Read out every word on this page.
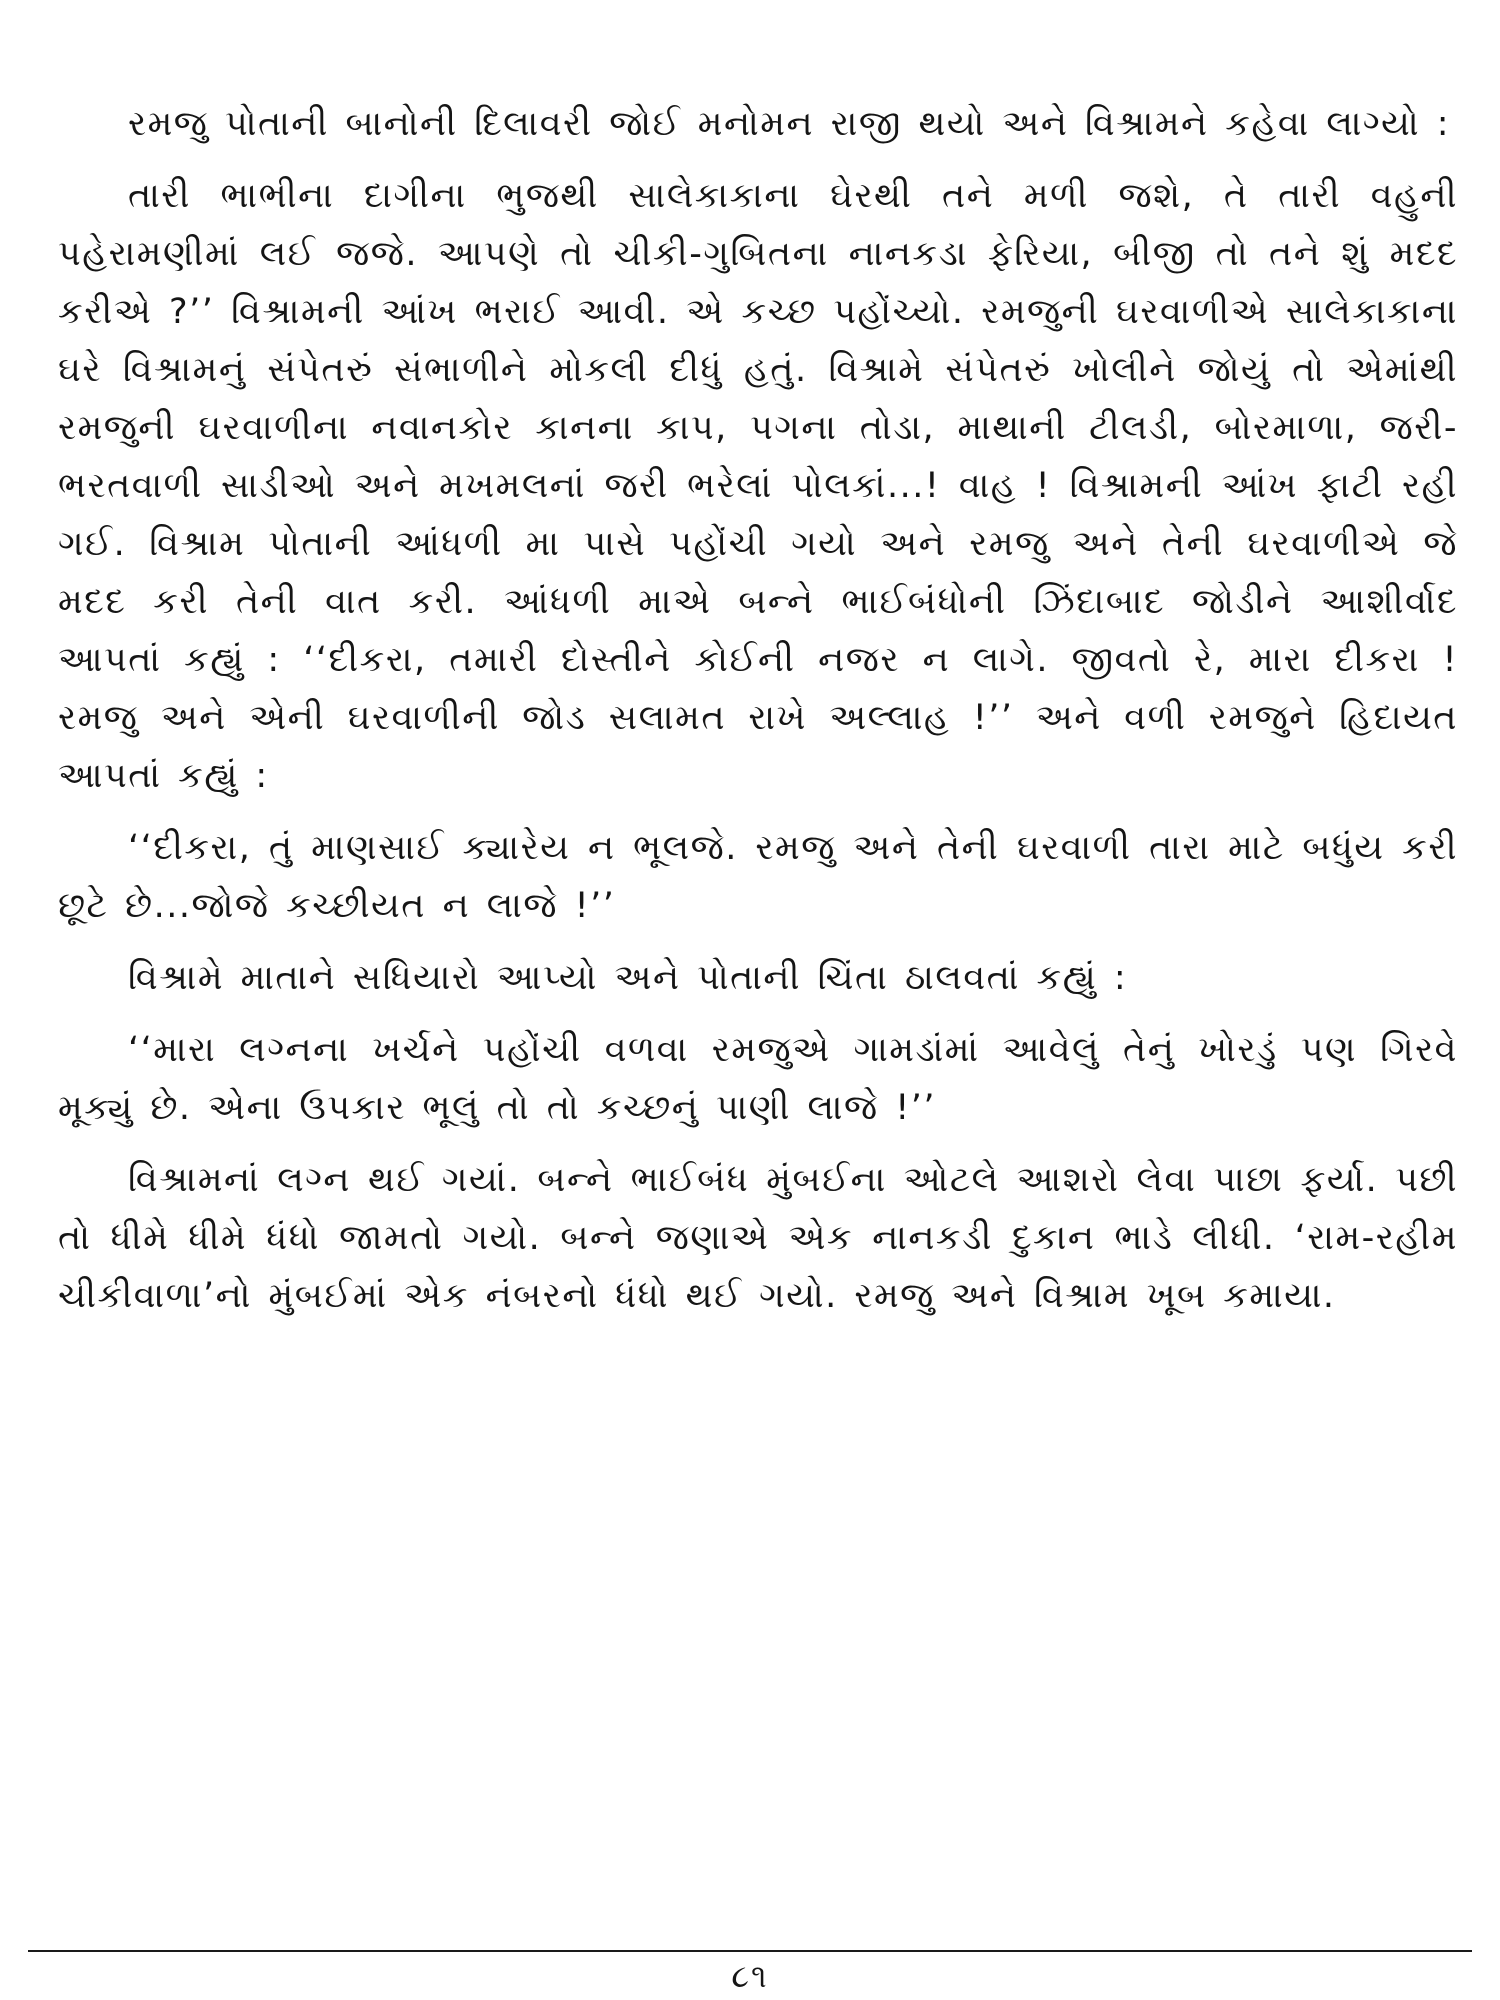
રમજુ પોતાની બાનોની દિલાવરી જોઈ મનોમન રાજી થયો અને વિશ્રામને કહેવા લાગ્યો :

તારી ભાભીના દાગીના ભુજથી સાલેકાકાના ઘેરથી તને મળી જશે, તે તારી વહુની પહેરામણીમાં લઈ જજે. આપણે તો ચીકી-ગુબિતના નાનકડા ફેરિયા, બીજી તો તને શું મદદ કરીએ ?’’ વિશ્રામની આંખ ભરાઈ આવી. એ કચ્છ પહોંચ્યો. રમજુની ઘરવાળીએ સાલેકાકાના ઘરે વિશ્રામનું સંપેતરું સંભાળીને મોકલી દીધું હતું. વિશ્રામે સંપેતરું ખોલીને જોયું તો એમાંથી રમજુની ઘરવાળીના નવાનકોર કાનના કાપ, પગના તોડા, માથાની ટીલડી, બોરમાળા, જરી-ભરતવાળી સાડીઓ અને મખમલનાં જરી ભરેલાં પોલકાં...! વાહ ! વિશ્રામની આંખ ફાટી રહી ગઈ. વિશ્રામ પોતાની આંધળી મા પાસે પહોંચી ગયો અને રમજુ અને તેની ઘરવાળીએ જે મદદ કરી તેની વાત કરી. આંધળી માએ બન્ને ભાઈબંધોની ઝિંદાબાદ જોડીને આશીર્વાદ આપતાં કહ્યું : ‘‘દીકરા, તમારી દોસ્તીને કોઈની નજર ન લાગે. જીવતો રે, મારા દીકરા ! રમજુ અને એની ઘરવાળીની જોડ સલામત રાખે અલ્લાહ !’’ અને વળી રમજુને હિદાયત આપતાં કહ્યું :

‘‘દીકરા, તું માણસાઈ ક્યારેય ન ભૂલજે. રમજુ અને તેની ઘરવાળી તારા માટે બધુંય કરી છૂટે છે...જોજે કચ્છીયત ન લાજે !’’

વિશ્રામે માતાને સધિયારો આપ્યો અને પોતાની ચિંતા ઠાલવતાં કહ્યું :

‘‘મારા લગ્નના ખર્ચને પહોંચી વળવા રમજુએ ગામડાંમાં આવેલું તેનું ખોરડું પણ ગિરવે મૂક્યું છે. એના ઉપકાર ભૂલું તો તો કચ્છનું પાણી લાજે !’’

વિશ્રામનાં લગ્ન થઈ ગયાં. બન્ને ભાઈબંધ મુંબઈના ઓટલે આશરો લેવા પાછા ફર્યા. પછી તો ધીમે ધીમે ધંધો જામતો ગયો. બન્ને જણાએ એક નાનકડી દુકાન ભાડે લીધી. ‘રામ-રહીમ ચીકીવાળા’નો મુંબઈમાં એક નંબરનો ધંધો થઈ ગયો. રમજુ અને વિશ્રામ ખૂબ કમાયા.

૮૧
